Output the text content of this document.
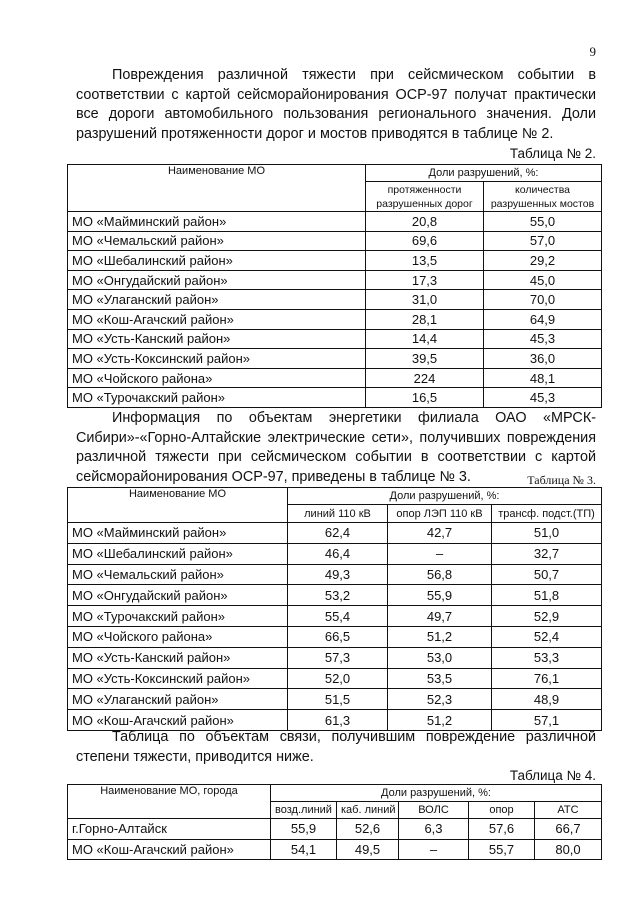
9

Повреждения различной тяжести при сейсмическом событии в соответствии с картой сейсморайонирования ОСР-97 получат практически все дороги автомобильного пользования регионального значения. Доли разрушений протяженности дорог и мостов приводятся в таблице № 2.

Таблица № 2.
Наименование МО	Доли разрушений, %:	
	протяженности разрушенных дорог	количества разрушенных мостов
МО «Майминский район»	20,8	55,0
МО «Чемальский район»	69,6	57,0
МО «Шебалинский район»	13,5	29,2
МО «Онгудайский район»	17,3	45,0
МО «Улаганский район»	31,0	70,0
МО «Кош-Агачский район»	28,1	64,9
МО «Усть-Канский район»	14,4	45,3
МО «Усть-Коксинский район»	39,5	36,0
МО «Чойского района»	224	48,1
МО «Турочакский район»	16,5	45,3

Информация по объектам энергетики филиала ОАО «МРСК-Сибири»-«Горно-Алтайские электрические сети», получивших повреждения различной тяжести при сейсмическом событии в соответствии с картой сейсморайонирования ОСР-97, приведены в таблице № 3.	Таблица № 3.
Наименование МО	Доли разрушений, %:		
	линий 110 кВ	опор ЛЭП 110 кВ	трансф. подст.(ТП)
МО «Майминский район»	62,4	42,7	51,0
МО «Шебалинский район»	46,4	–	32,7
МО «Чемальский район»	49,3	56,8	50,7
МО «Онгудайский район»	53,2	55,9	51,8
МО «Турочакский район»	55,4	49,7	52,9
МО «Чойского района»	66,5	51,2	52,4
МО «Усть-Канский район»	57,3	53,0	53,3
МО «Усть-Коксинский район»	52,0	53,5	76,1
МО «Улаганский район»	51,5	52,3	48,9
МО «Кош-Агачский район»	61,3	51,2	57,1

Таблица по объектам связи, получившим повреждение различной степени тяжести, приводится ниже.

Таблица № 4.
Наименование МО, города	Доли разрушений, %:				
	возд.линий	каб. линий	ВОЛС	опор	АТС
г.Горно-Алтайск	55,9	52,6	6,3	57,6	66,7
МО «Кош-Агачский район»	54,1	49,5	–	55,7	80,0
